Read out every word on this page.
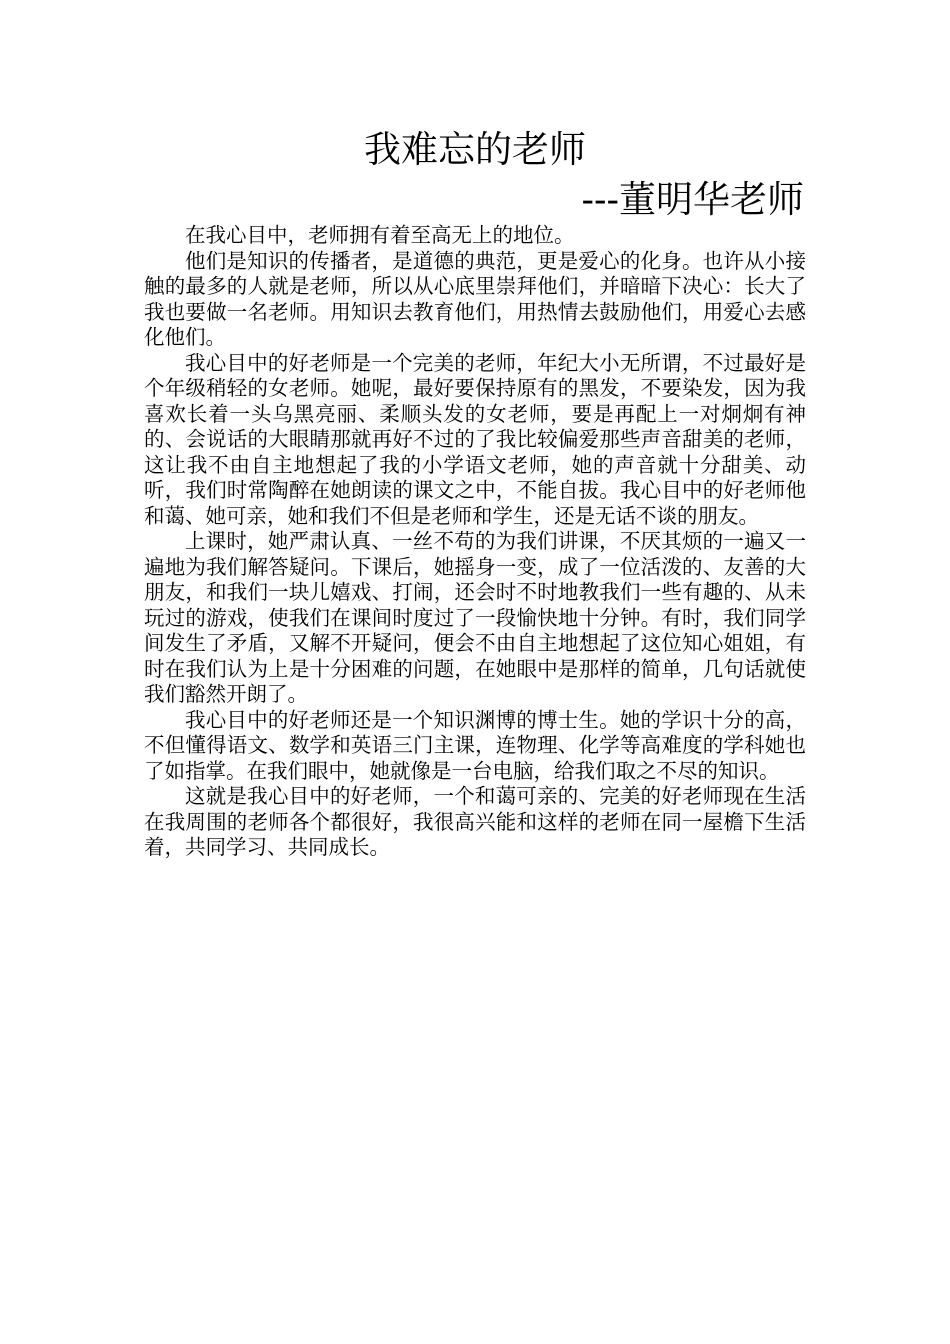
我难忘的老师
---董明华老师

在我心目中，老师拥有着至高无上的地位。

他们是知识的传播者，是道德的典范，更是爱心的化身。也许从小接触的最多的人就是老师，所以从心底里崇拜他们，并暗暗下决心：长大了我也要做一名老师。用知识去教育他们，用热情去鼓励他们，用爱心去感化他们。

我心目中的好老师是一个完美的老师，年纪大小无所谓，不过最好是个年级稍轻的女老师。她呢，最好要保持原有的黑发，不要染发，因为我喜欢长着一头乌黑亮丽、柔顺头发的女老师，要是再配上一对炯炯有神的、会说话的大眼睛那就再好不过的了我比较偏爱那些声音甜美的老师，这让我不由自主地想起了我的小学语文老师，她的声音就十分甜美、动听，我们时常陶醉在她朗读的课文之中，不能自拔。我心目中的好老师他和蔼、她可亲，她和我们不但是老师和学生，还是无话不谈的朋友。

上课时，她严肃认真、一丝不苟的为我们讲课，不厌其烦的一遍又一遍地为我们解答疑问。下课后，她摇身一变，成了一位活泼的、友善的大朋友，和我们一块儿嬉戏、打闹，还会时不时地教我们一些有趣的、从未玩过的游戏，使我们在课间时度过了一段愉快地十分钟。有时，我们同学间发生了矛盾，又解不开疑问，便会不由自主地想起了这位知心姐姐，有时在我们认为上是十分困难的问题，在她眼中是那样的简单，几句话就使我们豁然开朗了。

我心目中的好老师还是一个知识渊博的博士生。她的学识十分的高，不但懂得语文、数学和英语三门主课，连物理、化学等高难度的学科她也了如指掌。在我们眼中，她就像是一台电脑，给我们取之不尽的知识。

这就是我心目中的好老师，一个和蔼可亲的、完美的好老师现在生活在我周围的老师各个都很好，我很高兴能和这样的老师在同一屋檐下生活着，共同学习、共同成长。
